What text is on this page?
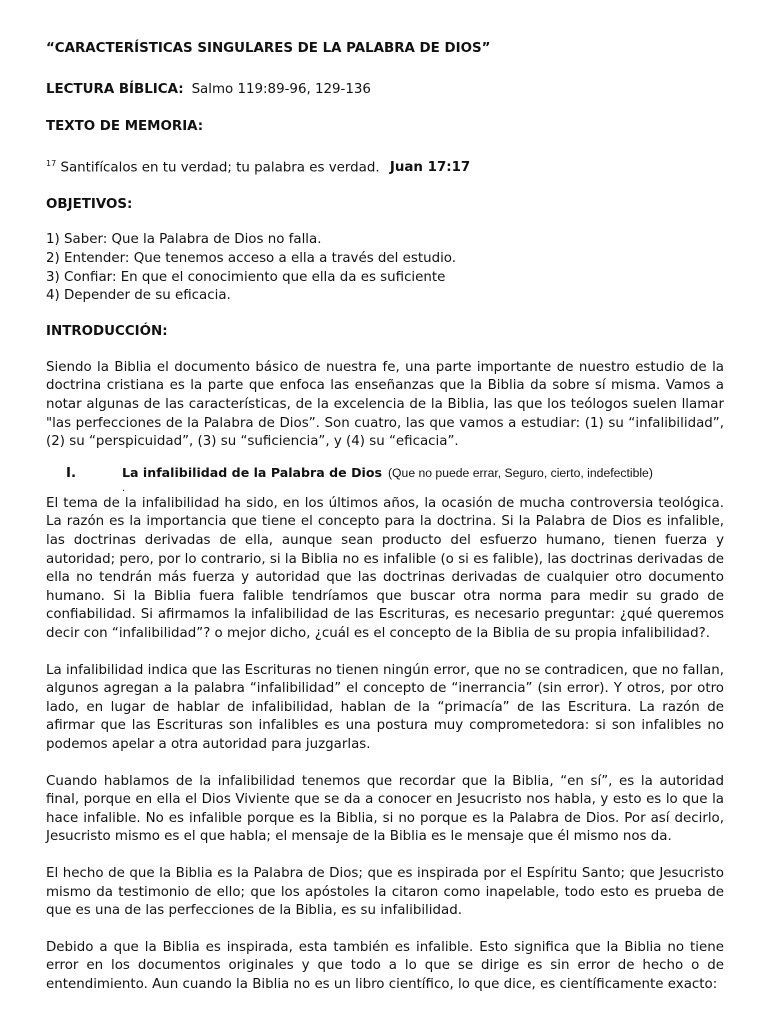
“CARACTERÍSTICAS SINGULARES DE LA PALABRA DE DIOS”

LECTURA BÍBLICA: Salmo 119:89-96, 129-136

TEXTO DE MEMORIA:

$^{17}$ Santifícalos en tu verdad; tu palabra es verdad. Juan 17:17

OBJETIVOS:

1) Saber: Que la Palabra de Dios no falla.
2) Entender: Que tenemos acceso a ella a través del estudio.
3) Confiar: En que el conocimiento que ella da es suficiente
4) Depender de su eficacia.

INTRODUCCIÓN:

Siendo la Biblia el documento básico de nuestra fe, una parte importante de nuestro estudio de la doctrina cristiana es la parte que enfoca las enseñanzas que la Biblia da sobre sí misma. Vamos a notar algunas de las características, de la excelencia de la Biblia, las que los teólogos suelen llamar "las perfecciones de la Palabra de Dios”. Son cuatro, las que vamos a estudiar: (1) su “infalibilidad”, (2) su “perspicuidad”, (3) su “suficiencia”, y (4) su “eficacia”.

I.	La infalibilidad de la Palabra de Dios (Que no puede errar, Seguro, cierto, indefectible)
.

El tema de la infalibilidad ha sido, en los últimos años, la ocasión de mucha controversia teológica. La razón es la importancia que tiene el concepto para la doctrina. Si la Palabra de Dios es infalible, las doctrinas derivadas de ella, aunque sean producto del esfuerzo humano, tienen fuerza y autoridad; pero, por lo contrario, si la Biblia no es infalible (o si es falible), las doctrinas derivadas de ella no tendrán más fuerza y autoridad que las doctrinas derivadas de cualquier otro documento humano. Si la Biblia fuera falible tendríamos que buscar otra norma para medir su grado de confiabilidad. Si afirmamos la infalibilidad de las Escrituras, es necesario preguntar: ¿qué queremos decir con “infalibilidad”? o mejor dicho, ¿cuál es el concepto de la Biblia de su propia infalibilidad?.

La infalibilidad indica que las Escrituras no tienen ningún error, que no se contradicen, que no fallan, algunos agregan a la palabra “infalibilidad” el concepto de “inerrancia” (sin error). Y otros, por otro lado, en lugar de hablar de infalibilidad, hablan de la “primacía” de las Escritura. La razón de afirmar que las Escrituras son infalibles es una postura muy comprometedora: si son infalibles no podemos apelar a otra autoridad para juzgarlas.

Cuando hablamos de la infalibilidad tenemos que recordar que la Biblia, “en sí”, es la autoridad final, porque en ella el Dios Viviente que se da a conocer en Jesucristo nos habla, y esto es lo que la hace infalible. No es infalible porque es la Biblia, si no porque es la Palabra de Dios. Por así decirlo, Jesucristo mismo es el que habla; el mensaje de la Biblia es le mensaje que él mismo nos da.

El hecho de que la Biblia es la Palabra de Dios; que es inspirada por el Espíritu Santo; que Jesucristo mismo da testimonio de ello; que los apóstoles la citaron como inapelable, todo esto es prueba de que es una de las perfecciones de la Biblia, es su infalibilidad.

Debido a que la Biblia es inspirada, esta también es infalible. Esto significa que la Biblia no tiene error en los documentos originales y que todo a lo que se dirige es sin error de hecho o de entendimiento. Aun cuando la Biblia no es un libro científico, lo que dice, es científicamente exacto:
